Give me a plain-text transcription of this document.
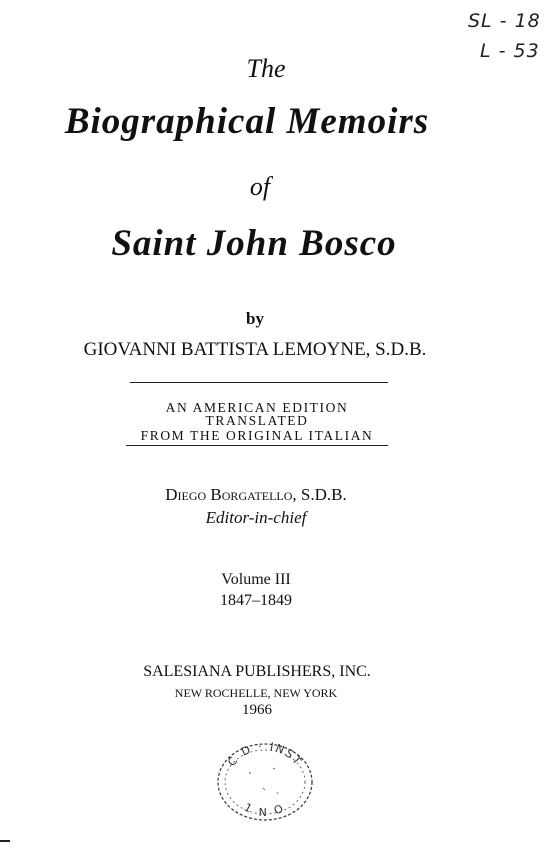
SL - 18
L - 53
The
Biographical Memoirs
of
Saint John Bosco
by
GIOVANNI BATTISTA LEMOYNE, S.D.B.
AN AMERICAN EDITION
TRANSLATED
FROM THE ORIGINAL ITALIAN
Diego Borgatello, S.D.B.
Editor-in-chief
Volume III
1847–1849
SALESIANA PUBLISHERS, INC.
NEW ROCHELLE, NEW YORK
1966
C D · INST
1 N O
